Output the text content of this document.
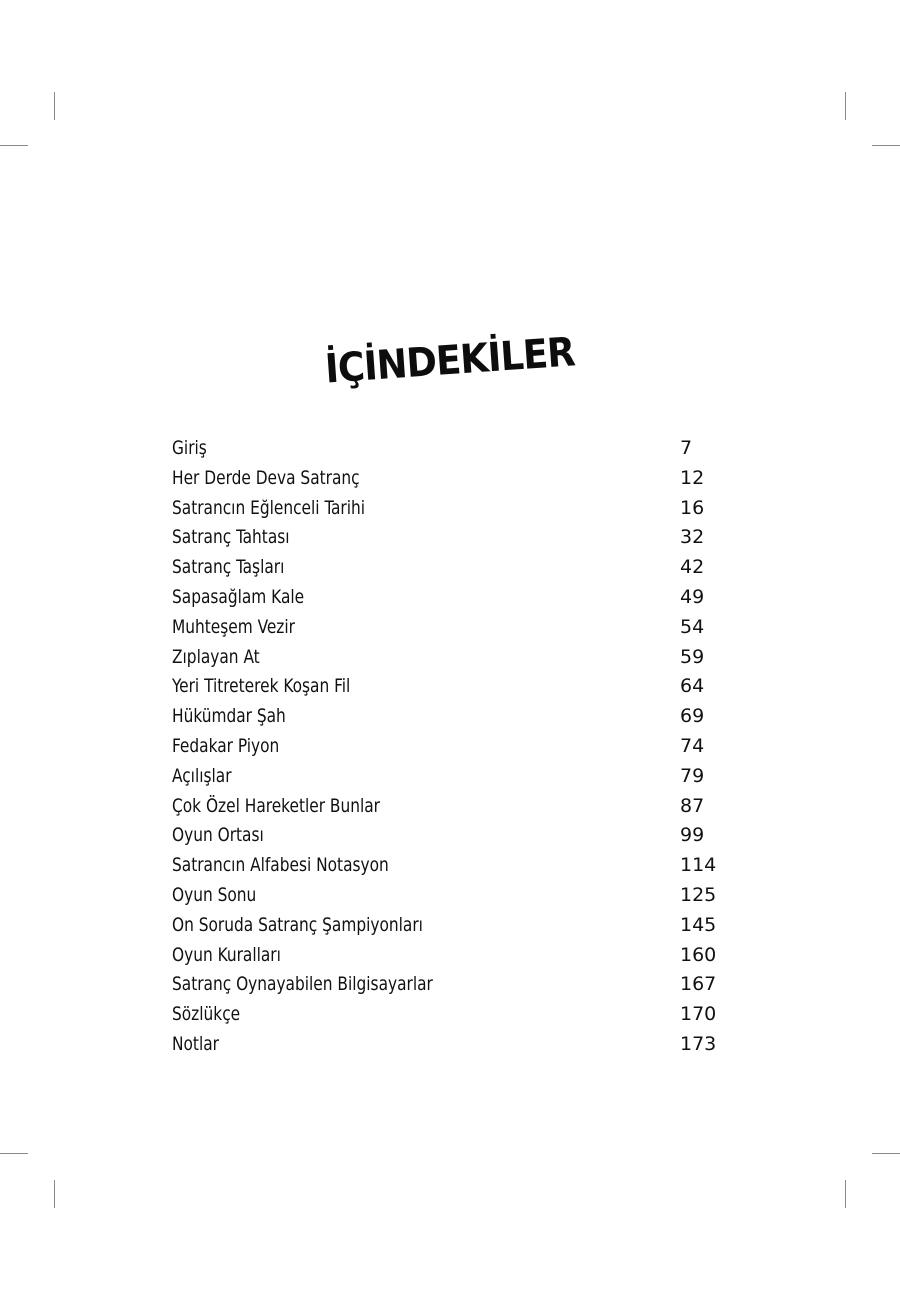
İÇİNDEKİLER
Giriş	7
Her Derde Deva Satranç	12
Satrancın Eğlenceli Tarihi	16
Satranç Tahtası	32
Satranç Taşları	42
Sapasağlam Kale	49
Muhteşem Vezir	54
Zıplayan At	59
Yeri Titreterek Koşan Fil	64
Hükümdar Şah	69
Fedakar Piyon	74
Açılışlar	79
Çok Özel Hareketler Bunlar	87
Oyun Ortası	99
Satrancın Alfabesi Notasyon	114
Oyun Sonu	125
On Soruda Satranç Şampiyonları	145
Oyun Kuralları	160
Satranç Oynayabilen Bilgisayarlar	167
Sözlükçe	170
Notlar	173
